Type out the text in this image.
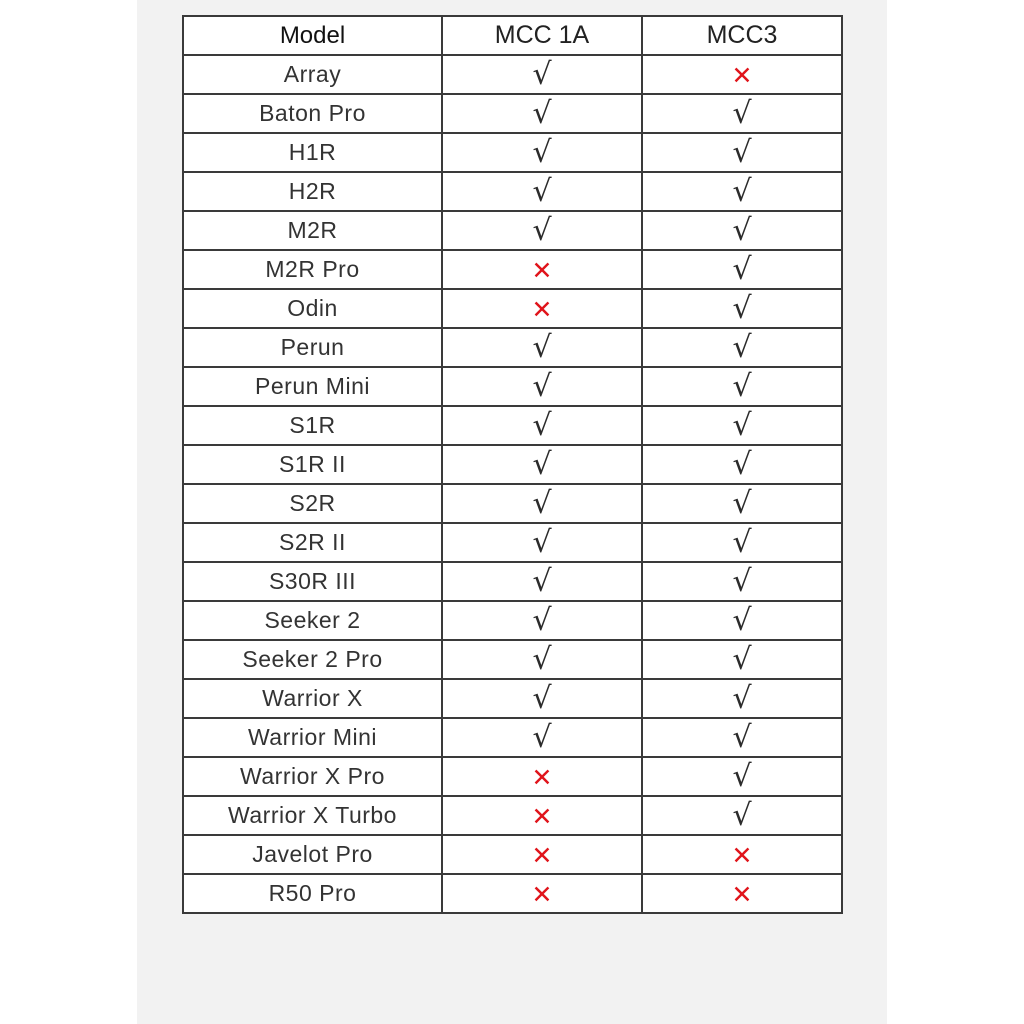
Model	MCC 1A	MCC3
Array	√	✕
Baton Pro	√	√
H1R	√	√
H2R	√	√
M2R	√	√
M2R Pro	✕	√
Odin	✕	√
Perun	√	√
Perun Mini	√	√
S1R	√	√
S1R II	√	√
S2R	√	√
S2R II	√	√
S30R III	√	√
Seeker 2	√	√
Seeker 2 Pro	√	√
Warrior X	√	√
Warrior Mini	√	√
Warrior X Pro	✕	√
Warrior X Turbo	✕	√
Javelot Pro	✕	✕
R50 Pro	✕	✕
